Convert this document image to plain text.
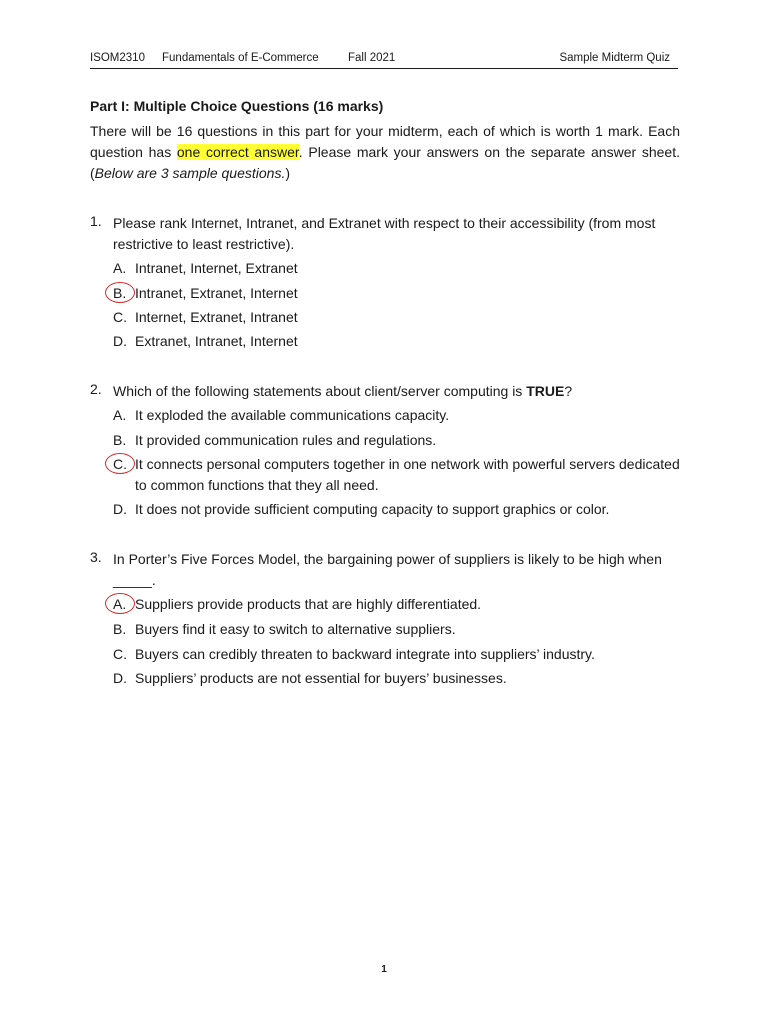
ISOM2310 Fundamentals of E-Commerce	Fall 2021	Sample Midterm Quiz
Part I: Multiple Choice Questions (16 marks)
There will be 16 questions in this part for your midterm, each of which is worth 1 mark. Each question has one correct answer. Please mark your answers on the separate answer sheet. (Below are 3 sample questions.)
1. Please rank Internet, Intranet, and Extranet with respect to their accessibility (from most restrictive to least restrictive).
A. Intranet, Internet, Extranet
B. Intranet, Extranet, Internet
C. Internet, Extranet, Intranet
D. Extranet, Intranet, Internet
2. Which of the following statements about client/server computing is TRUE?
A. It exploded the available communications capacity.
B. It provided communication rules and regulations.
C. It connects personal computers together in one network with powerful servers dedicated to common functions that they all need.
D. It does not provide sufficient computing capacity to support graphics or color.
3. In Porter’s Five Forces Model, the bargaining power of suppliers is likely to be high when _____.
A. Suppliers provide products that are highly differentiated.
B. Buyers find it easy to switch to alternative suppliers.
C. Buyers can credibly threaten to backward integrate into suppliers’ industry.
D. Suppliers’ products are not essential for buyers’ businesses.
1
